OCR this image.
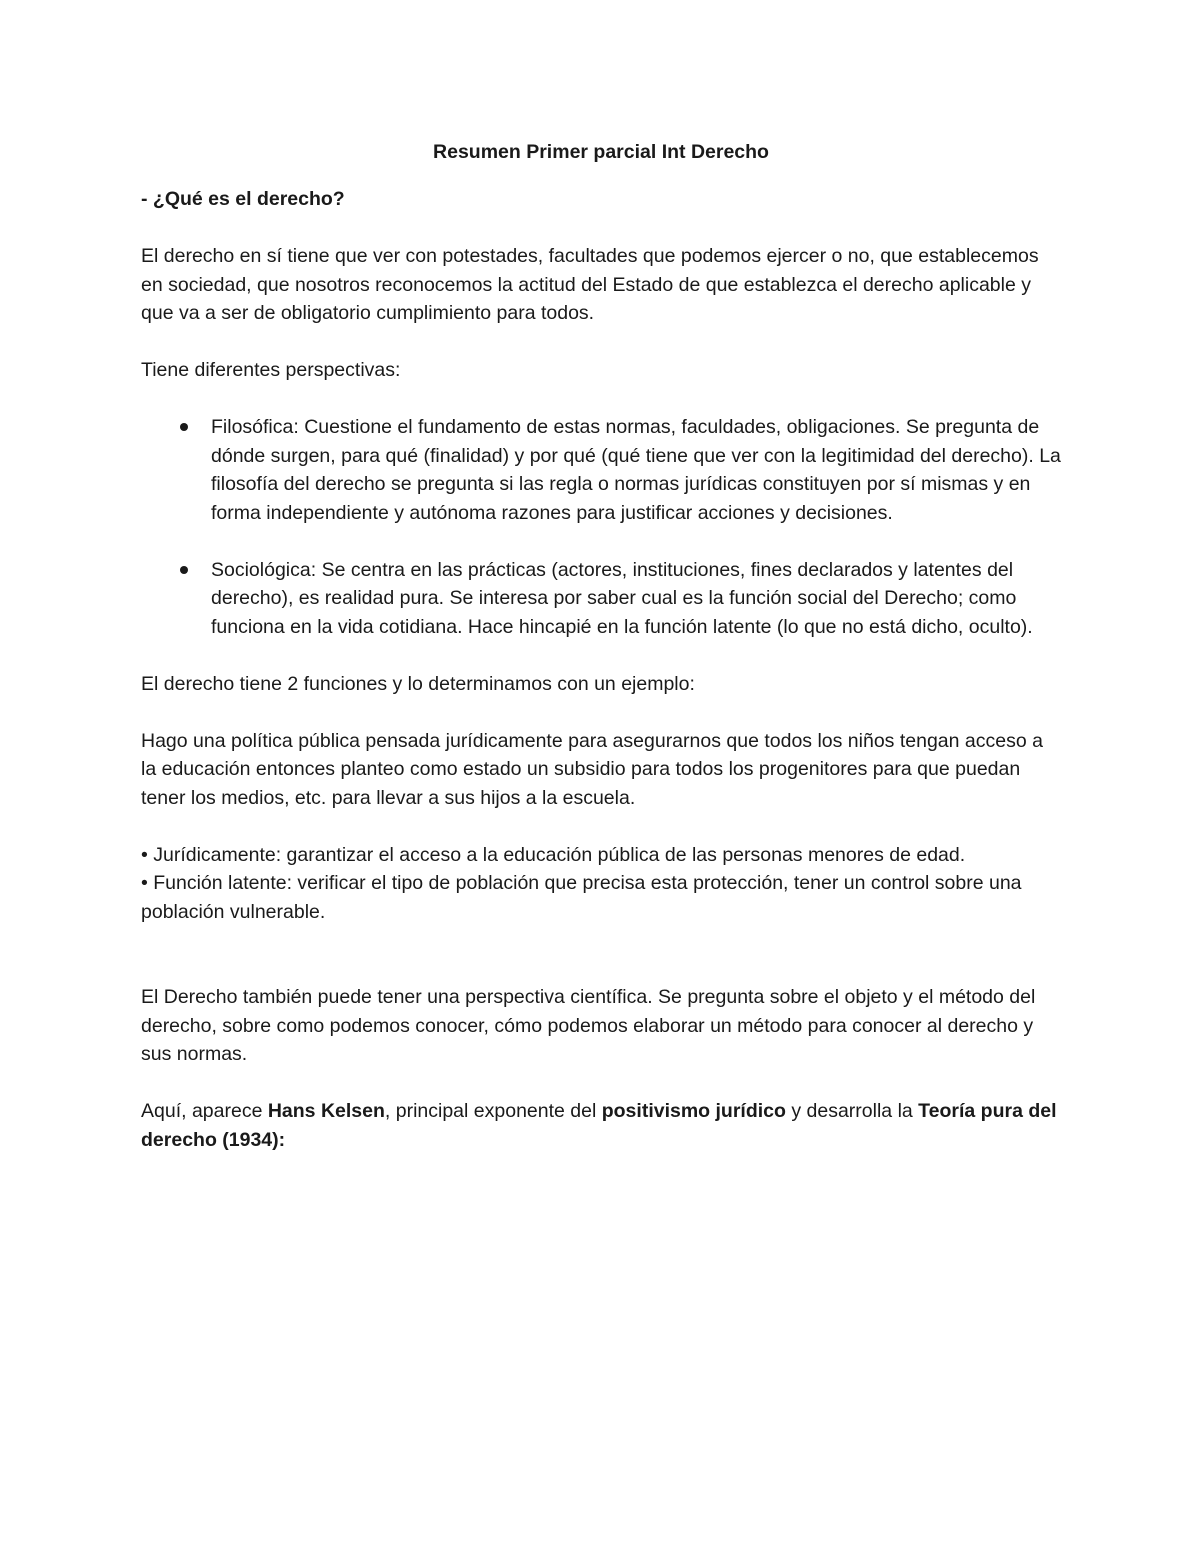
Resumen Primer parcial Int Derecho

- ¿Qué es el derecho?

El derecho en sí tiene que ver con potestades, facultades que podemos ejercer o no, que establecemos en sociedad, que nosotros reconocemos la actitud del Estado de que establezca el derecho aplicable y que va a ser de obligatorio cumplimiento para todos.

Tiene diferentes perspectivas:

Filosófica: Cuestione el fundamento de estas normas, faculdades, obligaciones. Se pregunta de dónde surgen, para qué (finalidad) y por qué (qué tiene que ver con la legitimidad del derecho). La filosofía del derecho se pregunta si las regla o normas jurídicas constituyen por sí mismas y en forma independiente y autónoma razones para justificar acciones y decisiones.
Sociológica: Se centra en las prácticas (actores, instituciones, fines declarados y latentes del derecho), es realidad pura. Se interesa por saber cual es la función social del Derecho; como funciona en la vida cotidiana. Hace hincapié en la función latente (lo que no está dicho, oculto).

El derecho tiene 2 funciones y lo determinamos con un ejemplo:

Hago una política pública pensada jurídicamente para asegurarnos que todos los niños tengan acceso a la educación entonces planteo como estado un subsidio para todos los progenitores para que puedan tener los medios, etc. para llevar a sus hijos a la escuela.

• Jurídicamente: garantizar el acceso a la educación pública de las personas menores de edad.

• Función latente: verificar el tipo de población que precisa esta protección, tener un control sobre una población vulnerable.

El Derecho también puede tener una perspectiva científica. Se pregunta sobre el objeto y el método del derecho, sobre como podemos conocer, cómo podemos elaborar un método para conocer al derecho y sus normas.

Aquí, aparece Hans Kelsen, principal exponente del positivismo jurídico y desarrolla la Teoría pura del derecho (1934):
